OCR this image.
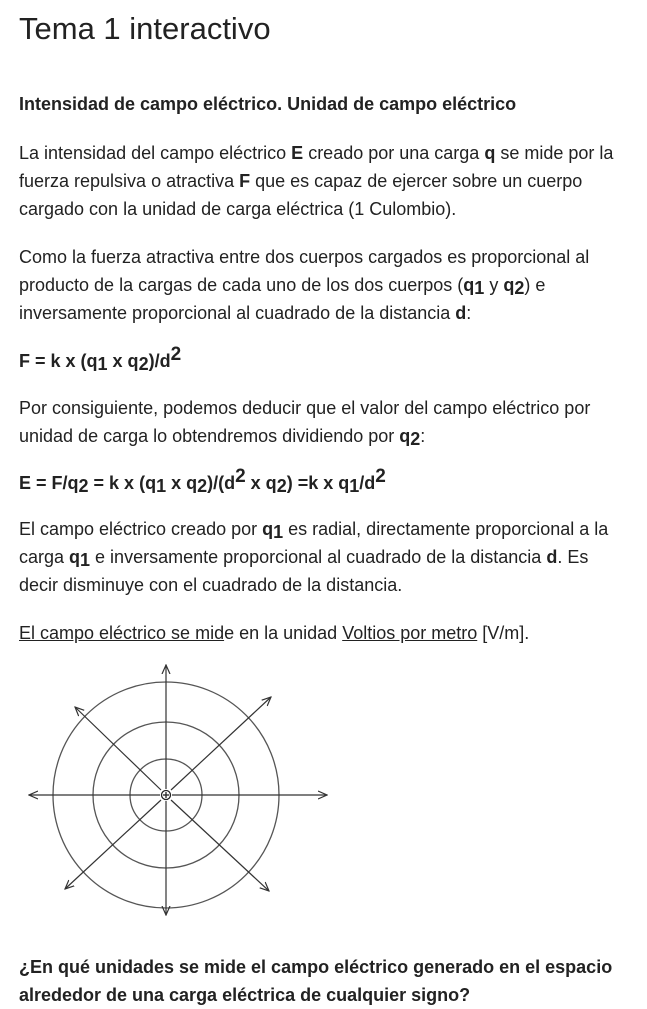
Tema 1 interactivo
Intensidad de campo eléctrico. Unidad de campo eléctrico

La intensidad del campo eléctrico E creado por una carga q se mide por la fuerza repulsiva o atractiva F que es capaz de ejercer sobre un cuerpo cargado con la unidad de carga eléctrica (1 Culombio).

Como la fuerza atractiva entre dos cuerpos cargados es proporcional al producto de la cargas de cada uno de los dos cuerpos ($q_1$ y $q_2$) e inversamente proporcional al cuadrado de la distancia d:

F = k x ($q_1$ x $q_2)/d^2$

Por consiguiente, podemos deducir que el valor del campo eléctrico por unidad de carga lo obtendremos dividiendo por $q_2$:

$E = F/q_2 = k$ x ($q_1$ x $q_2)/(d^2$ x $q_2) =k$ x $q_1/d^2$

El campo eléctrico creado por $q_1$ es radial, directamente proporcional a la carga $q_1$ e inversamente proporcional al cuadrado de la distancia d. Es decir disminuye con el cuadrado de la distancia.

El campo eléctrico se mide en la unidad Voltios por metro [V/m].

¿En qué unidades se mide el campo eléctrico generado en el espacio alrededor de una carga eléctrica de cualquier signo?
